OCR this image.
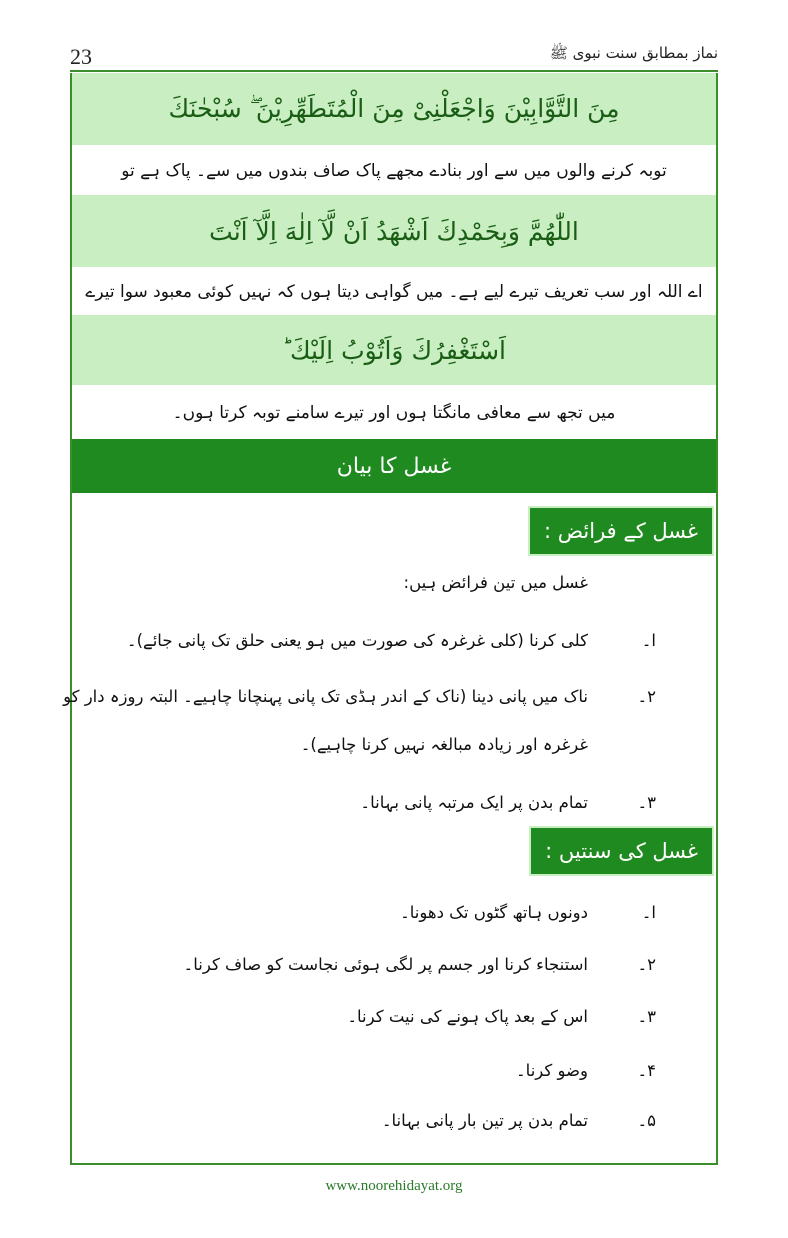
23	نماز بمطابق سنت نبوی ﷺ
مِنَ التَّوَّابِيْنَ وَاجْعَلْنِىْ مِنَ الْمُتَطَهِّرِيْنَ ۖ سُبْحٰنَكَ
توبہ کرنے والوں میں سے اور بنادے مجھے پاک صاف بندوں میں سے۔ پاک ہے تو
اللّٰهُمَّ وَبِحَمْدِكَ اَشْهَدُ اَنْ لَّآ اِلٰهَ اِلَّآ اَنْتَ
اے اللہ اور سب تعریف تیرے لیے ہے۔ میں گواہی دیتا ہوں کہ نہیں کوئی معبود سوا تیرے
اَسْتَغْفِرُكَ وَاَتُوْبُ اِلَيْكَ ؕ
میں تجھ سے معافی مانگتا ہوں اور تیرے سامنے توبہ کرتا ہوں۔
غسل کا بیان
غسل کے فرائض :
غسل میں تین فرائض ہیں:
ا۔
کلی کرنا (کلی غرغرہ کی صورت میں ہو یعنی حلق تک پانی جائے)۔
۲۔
ناک میں پانی دینا (ناک کے اندر ہڈی تک پانی پہنچانا چاہیے۔ البتہ روزہ دار کو
غرغرہ اور زیادہ مبالغہ نہیں کرنا چاہیے)۔
۳۔
تمام بدن پر ایک مرتبہ پانی بہانا۔
غسل کی سنتیں :
ا۔
دونوں ہاتھ گٹوں تک دھونا۔
۲۔
استنجاء کرنا اور جسم پر لگی ہوئی نجاست کو صاف کرنا۔
۳۔
اس کے بعد پاک ہونے کی نیت کرنا۔
۴۔
وضو کرنا۔
۵۔
تمام بدن پر تین بار پانی بہانا۔
www.noorehidayat.org
